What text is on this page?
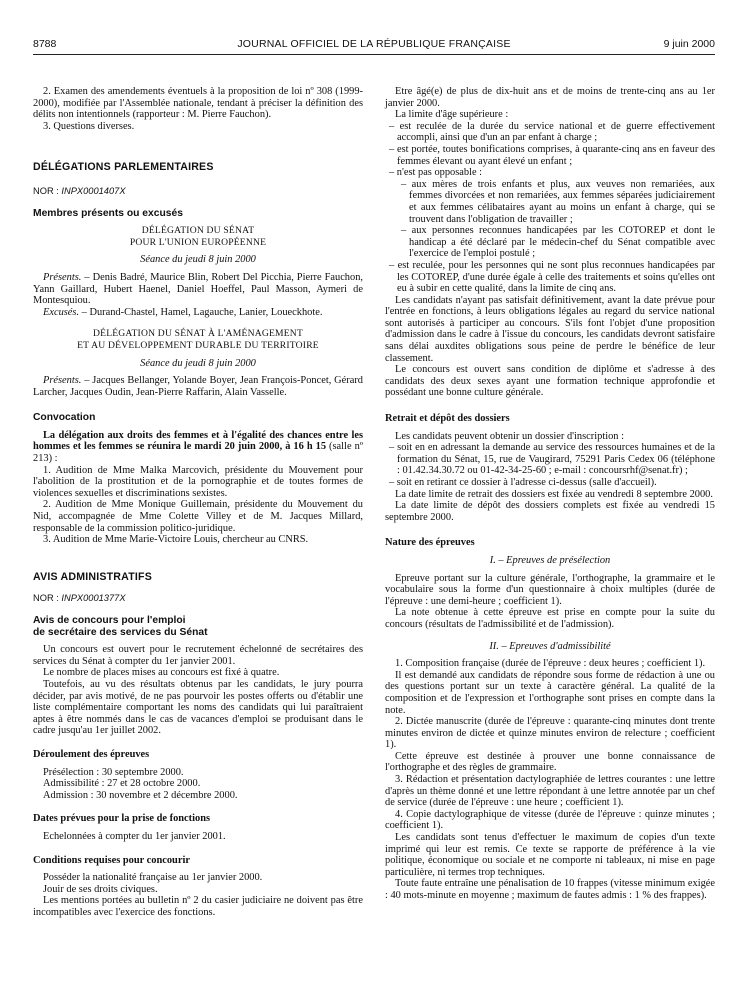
8788	JOURNAL OFFICIEL DE LA RÉPUBLIQUE FRANÇAISE	9 juin 2000

2. Examen des amendements éventuels à la proposition de loi nº 308 (1999-2000), modifiée par l'Assemblée nationale, tendant à préciser la définition des délits non intentionnels (rapporteur : M. Pierre Fauchon).

3. Questions diverses.

DÉLÉGATIONS PARLEMENTAIRES

NOR : INPX0001407X

Membres présents ou excusés

DÉLÉGATION DU SÉNAT

POUR L'UNION EUROPÉENNE

Séance du jeudi 8 juin 2000

Présents. – Denis Badré, Maurice Blin, Robert Del Picchia, Pierre Fauchon, Yann Gaillard, Hubert Haenel, Daniel Hoeffel, Paul Masson, Aymeri de Montesquiou.

Excusés. – Durand-Chastel, Hamel, Lagauche, Lanier, Loueckhote.

DÉLÉGATION DU SÉNAT À L'AMÉNAGEMENT

ET AU DÉVELOPPEMENT DURABLE DU TERRITOIRE

Séance du jeudi 8 juin 2000

Présents. – Jacques Bellanger, Yolande Boyer, Jean François-Poncet, Gérard Larcher, Jacques Oudin, Jean-Pierre Raffarin, Alain Vasselle.

Convocation

La délégation aux droits des femmes et à l'égalité des chances entre les hommes et les femmes se réunira le mardi 20 juin 2000, à 16 h 15 (salle nº 213) :

1. Audition de Mme Malka Marcovich, présidente du Mouvement pour l'abolition de la prostitution et de la pornographie et de toutes formes de violences sexuelles et discriminations sexistes.

2. Audition de Mme Monique Guillemain, présidente du Mouvement du Nid, accompagnée de Mme Colette Villey et de M. Jacques Millard, responsable de la commission politico-juridique.

3. Audition de Mme Marie-Victoire Louis, chercheur au CNRS.

AVIS ADMINISTRATIFS

NOR : INPX0001377X

Avis de concours pour l'emploi

de secrétaire des services du Sénat

Un concours est ouvert pour le recrutement échelonné de secrétaires des services du Sénat à compter du 1er janvier 2001.

Le nombre de places mises au concours est fixé à quatre.

Toutefois, au vu des résultats obtenus par les candidats, le jury pourra décider, par avis motivé, de ne pas pourvoir les postes offerts ou d'établir une liste complémentaire comportant les noms des candidats qui lui paraîtraient aptes à être nommés dans le cas de vacances d'emploi se produisant dans le cadre jusqu'au 1er juillet 2002.

Déroulement des épreuves

Présélection : 30 septembre 2000.

Admissibilité : 27 et 28 octobre 2000.

Admission : 30 novembre et 2 décembre 2000.

Dates prévues pour la prise de fonctions

Echelonnées à compter du 1er janvier 2001.

Conditions requises pour concourir

Posséder la nationalité française au 1er janvier 2000.

Jouir de ses droits civiques.

Les mentions portées au bulletin nº 2 du casier judiciaire ne doivent pas être incompatibles avec l'exercice des fonctions.

Etre âgé(e) de plus de dix-huit ans et de moins de trente-cinq ans au 1er janvier 2000.

La limite d'âge supérieure :

– est reculée de la durée du service national et de guerre effectivement accompli, ainsi que d'un an par enfant à charge ;

– est portée, toutes bonifications comprises, à quarante-cinq ans en faveur des femmes élevant ou ayant élevé un enfant ;

– n'est pas opposable :

– aux mères de trois enfants et plus, aux veuves non remariées, aux femmes divorcées et non remariées, aux femmes séparées judiciairement et aux femmes célibataires ayant au moins un enfant à charge, qui se trouvent dans l'obligation de travailler ;

– aux personnes reconnues handicapées par les COTOREP et dont le handicap a été déclaré par le médecin-chef du Sénat compatible avec l'exercice de l'emploi postulé ;

– est reculée, pour les personnes qui ne sont plus reconnues handicapées par les COTOREP, d'une durée égale à celle des traitements et soins qu'elles ont eu à subir en cette qualité, dans la limite de cinq ans.

Les candidats n'ayant pas satisfait définitivement, avant la date prévue pour l'entrée en fonctions, à leurs obligations légales au regard du service national sont autorisés à participer au concours. S'ils font l'objet d'une proposition d'admission dans le cadre à l'issue du concours, les candidats devront satisfaire sans délai auxdites obligations sous peine de perdre le bénéfice de leur classement.

Le concours est ouvert sans condition de diplôme et s'adresse à des candidats des deux sexes ayant une formation technique approfondie et possédant une bonne culture générale.

Retrait et dépôt des dossiers

Les candidats peuvent obtenir un dossier d'inscription :

– soit en en adressant la demande au service des ressources humaines et de la formation du Sénat, 15, rue de Vaugirard, 75291 Paris Cedex 06 (téléphone : 01.42.34.30.72 ou 01-42-34-25-60 ; e-mail : concoursrhf@senat.fr) ;

– soit en retirant ce dossier à l'adresse ci-dessus (salle d'accueil).

La date limite de retrait des dossiers est fixée au vendredi 8 septembre 2000.

La date limite de dépôt des dossiers complets est fixée au vendredi 15 septembre 2000.

Nature des épreuves

I. – Epreuves de présélection

Epreuve portant sur la culture générale, l'orthographe, la grammaire et le vocabulaire sous la forme d'un questionnaire à choix multiples (durée de l'épreuve : une demi-heure ; coefficient 1).

La note obtenue à cette épreuve est prise en compte pour la suite du concours (résultats de l'admissibilité et de l'admission).

II. – Epreuves d'admissibilité

1. Composition française (durée de l'épreuve : deux heures ; coefficient 1).

Il est demandé aux candidats de répondre sous forme de rédaction à une ou des questions portant sur un texte à caractère général. La qualité de la composition et de l'expression et l'orthographe sont prises en compte dans la note.

2. Dictée manuscrite (durée de l'épreuve : quarante-cinq minutes dont trente minutes environ de dictée et quinze minutes environ de relecture ; coefficient 1).

Cette épreuve est destinée à prouver une bonne connaissance de l'orthographe et des règles de grammaire.

3. Rédaction et présentation dactylographiée de lettres courantes : une lettre d'après un thème donné et une lettre répondant à une lettre annotée par un chef de service (durée de l'épreuve : une heure ; coefficient 1).

4. Copie dactylographique de vitesse (durée de l'épreuve : quinze minutes ; coefficient 1).

Les candidats sont tenus d'effectuer le maximum de copies d'un texte imprimé qui leur est remis. Ce texte se rapporte de préférence à la vie politique, économique ou sociale et ne comporte ni tableaux, ni mise en page particulière, ni termes trop techniques.

Toute faute entraîne une pénalisation de 10 frappes (vitesse minimum exigée : 40 mots-minute en moyenne ; maximum de fautes admis : 1 % des frappes).
